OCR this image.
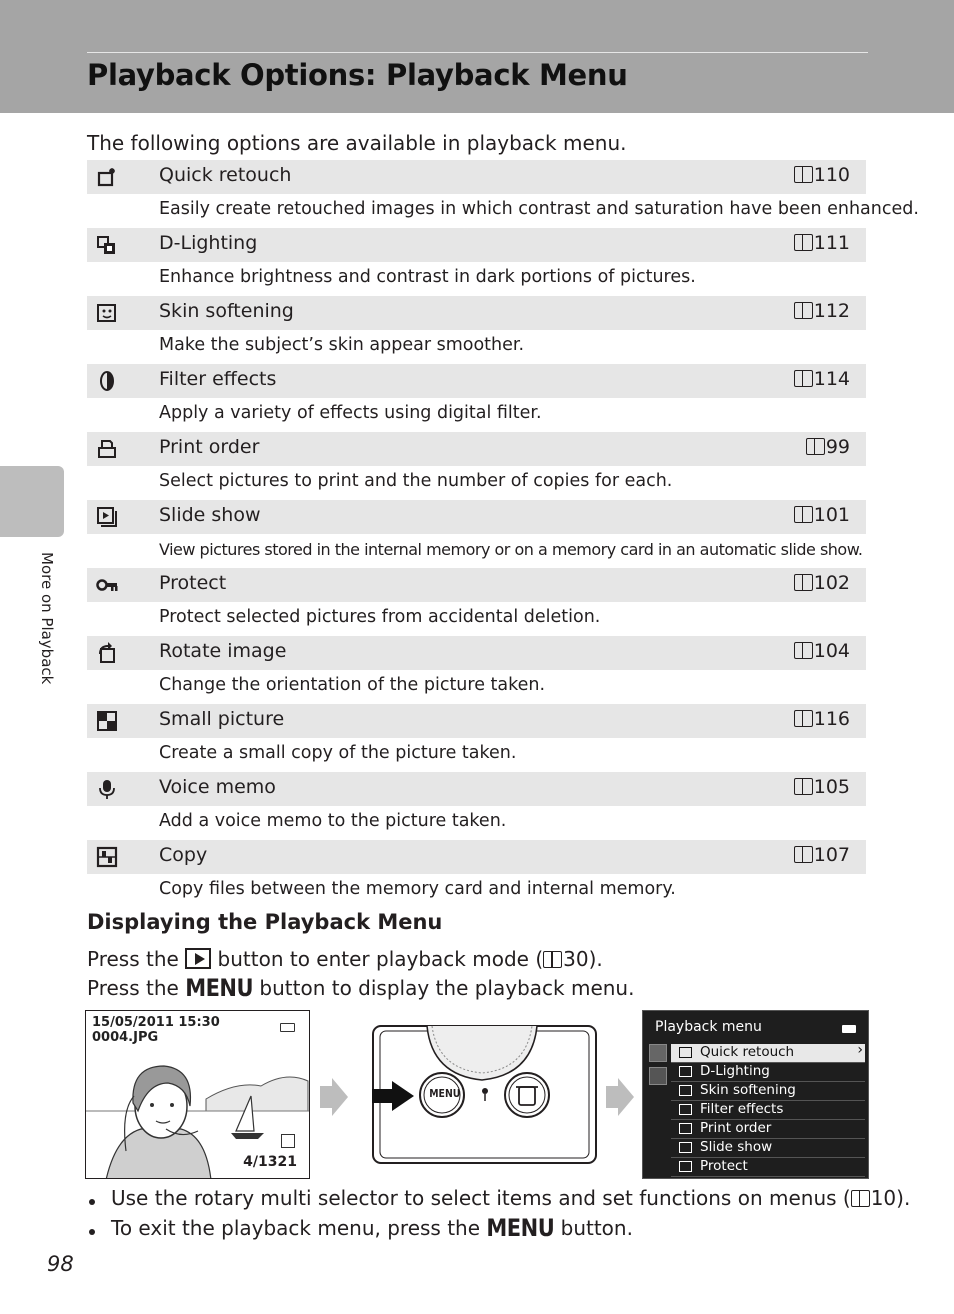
Playback Options: Playback Menu
More on Playback

The following options are available in playback menu.

Quick retouch	110
Easily create retouched images in which contrast and saturation have been enhanced.
D-Lighting	111
Enhance brightness and contrast in dark portions of pictures.
Skin softening	112
Make the subject’s skin appear smoother.
Filter effects	114
Apply a variety of effects using digital filter.
Print order	99
Select pictures to print and the number of copies for each.
Slide show	101
View pictures stored in the internal memory or on a memory card in an automatic slide show.
Protect	102
Protect selected pictures from accidental deletion.
Rotate image	104
Change the orientation of the picture taken.
Small picture	116
Create a small copy of the picture taken.
Voice memo	105
Add a voice memo to the picture taken.
Copy	107
Copy files between the memory card and internal memory.
Displaying the Playback Menu

Press the button to enter playback mode ( 30).

Press the MENU button to display the playback menu.

15/05/2011 15:30
0004.JPG
4/1321
MENU
Playback menu
Quick retouch
›
D-Lighting
Skin softening
Filter effects
Print order
Slide show
Protect
Use the rotary multi selector to select items and set functions on menus ( 10).
To exit the playback menu, press the MENU button.
98
